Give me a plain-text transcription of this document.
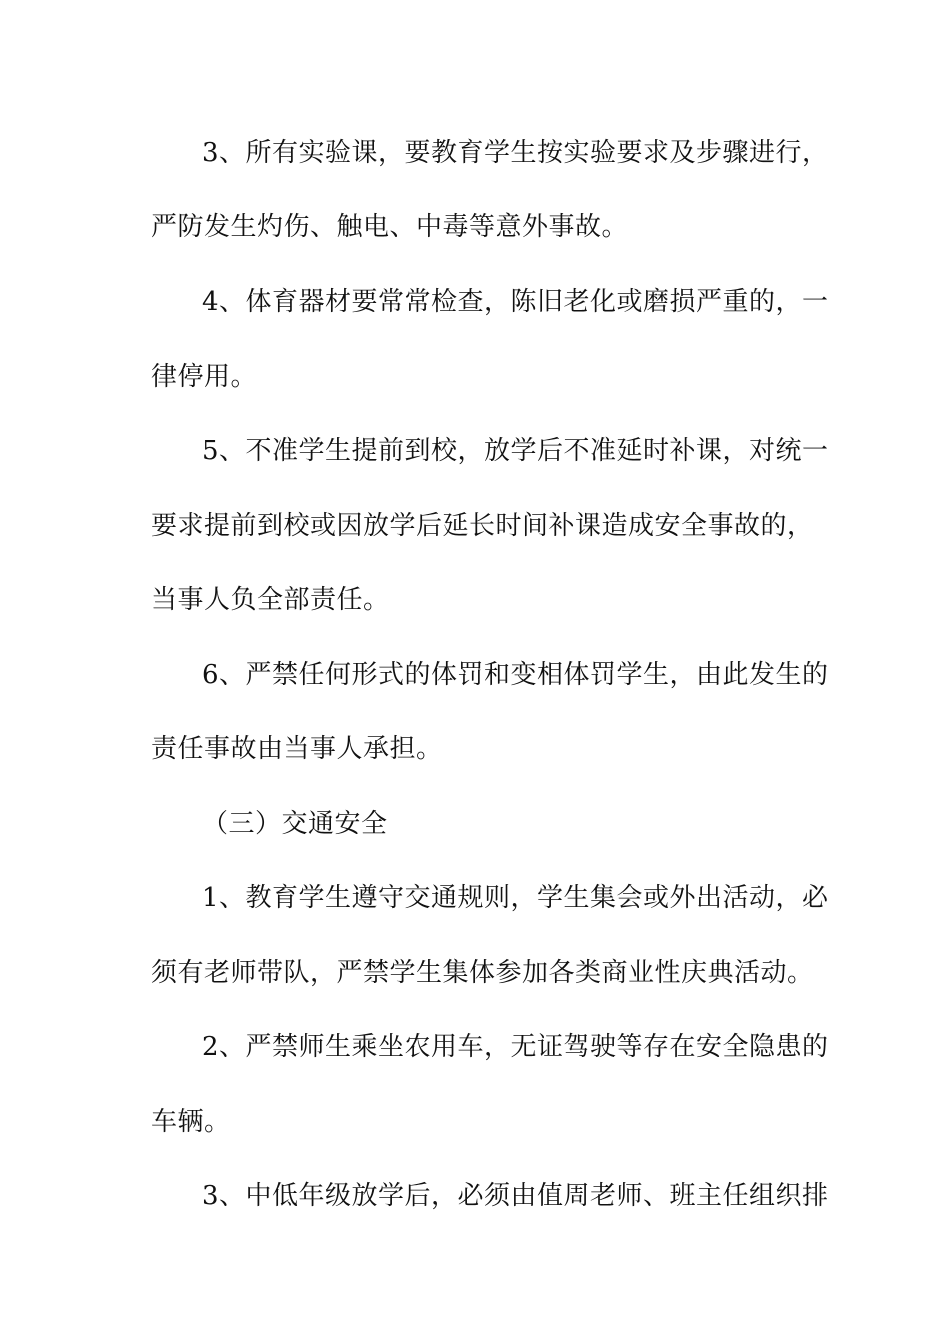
3、所有实验课，要教育学生按实验要求及步骤进行，
严防发生灼伤、触电、中毒等意外事故。
4、体育器材要常常检查，陈旧老化或磨损严重的，一
律停用。
5、不准学生提前到校，放学后不准延时补课，对统一
要求提前到校或因放学后延长时间补课造成安全事故的，
当事人负全部责任。
6、严禁任何形式的体罚和变相体罚学生，由此发生的
责任事故由当事人承担。
（三）交通安全
1、教育学生遵守交通规则，学生集会或外出活动，必
须有老师带队，严禁学生集体参加各类商业性庆典活动。
2、严禁师生乘坐农用车，无证驾驶等存在安全隐患的
车辆。
3、中低年级放学后，必须由值周老师、班主任组织排
